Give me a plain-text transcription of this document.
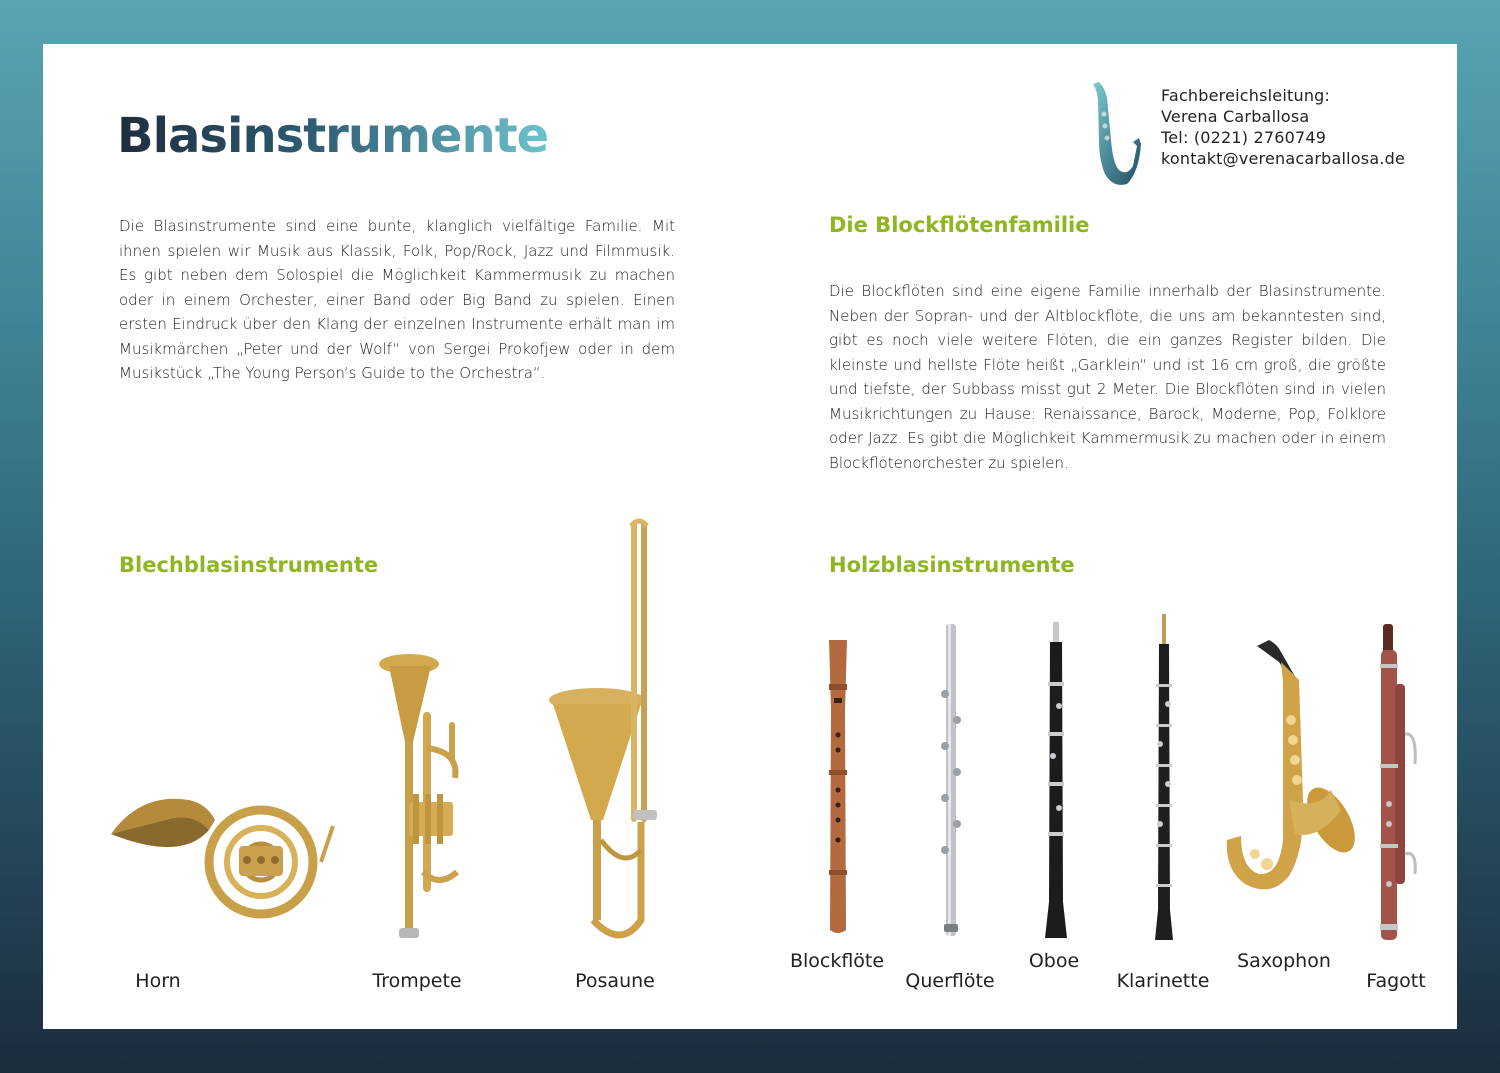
Blasinstrumente
Fachbereichsleitung:
Verena Carballosa
Tel: (0221) 2760749
kontakt@verenacarballosa.de

Die Blasinstrumente sind eine bunte, klanglich vielfältige Familie. Mit ihnen spielen wir Musik aus Klassik, Folk, Pop/Rock, Jazz und Filmmusik. Es gibt neben dem Solospiel die Möglichkeit Kammermusik zu machen oder in einem Orchester, einer Band oder Big Band zu spielen. Einen ersten Eindruck über den Klang der einzelnen Instrumente erhält man im Musikmärchen „Peter und der Wolf“ von Sergei Prokofjew oder in dem Musikstück „The Young Person‘s Guide to the Orchestra“.

Die Blockflötenfamilie

Die Blockflöten sind eine eigene Familie innerhalb der Blasinstrumente. Neben der Sopran- und der Altblockflöte, die uns am bekanntesten sind, gibt es noch viele weitere Flöten, die ein ganzes Register bilden. Die kleinste und hellste Flöte heißt „Garklein“ und ist 16 cm groß, die größte und tiefste, der Subbass misst gut 2 Meter. Die Blockflöten sind in vielen Musikrichtungen zu Hause: Renaissance, Barock, Moderne, Pop, Folklore oder Jazz. Es gibt die Möglichkeit Kammermusik zu machen oder in einem Blockflötenorchester zu spielen.

Blechblasinstrumente	Holzblasinstrumente
Horn	Trompete	Posaune
Blockflöte
Querflöte
Oboe
Klarinette
Saxophon
Fagott
